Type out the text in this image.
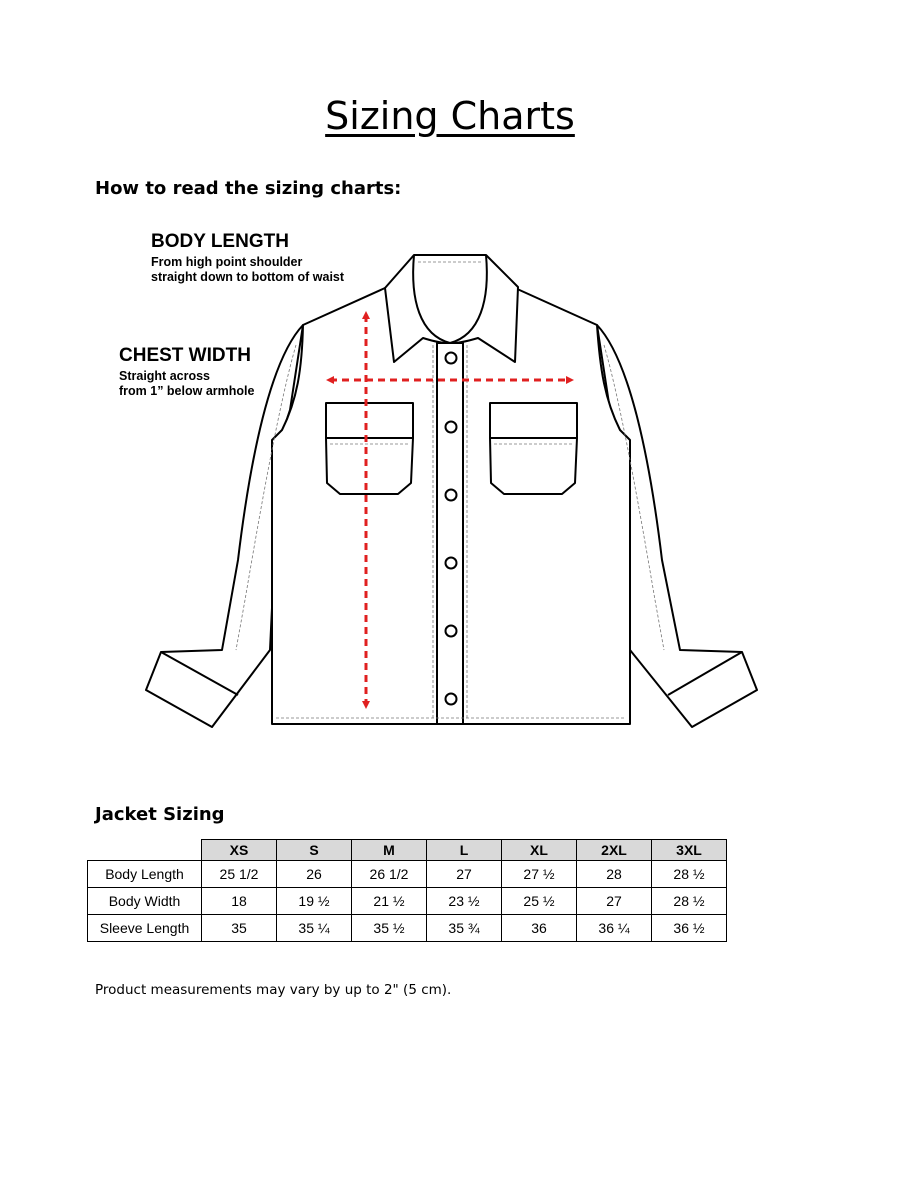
Sizing Charts
How to read the sizing charts:
BODY LENGTH
From high point shoulder
straight down to bottom of waist
CHEST WIDTH
Straight across
from 1” below armhole
Jacket Sizing
	XS	S	M	L	XL	2XL	3XL
Body Length	25 1/2	26	26 1/2	27	27 ½	28	28 ½
Body Width	18	19 ½	21 ½	23 ½	25 ½	27	28 ½
Sleeve Length	35	35 ¼	35 ½	35 ¾	36	36 ¼	36 ½
Product measurements may vary by up to 2" (5 cm).
